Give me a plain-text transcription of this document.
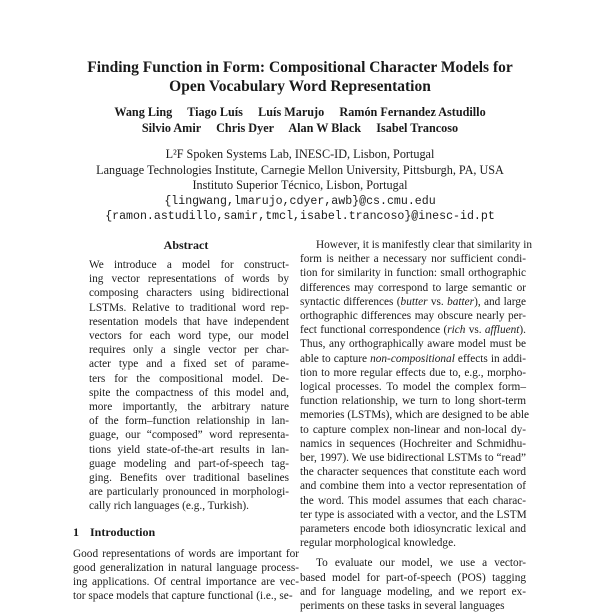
Finding Function in Form: Compositional Character Models for
Open Vocabulary Word Representation
Wang Ling     Tiago Luís     Luís Marujo     Ramón Fernandez Astudillo
Silvio Amir     Chris Dyer     Alan W Black     Isabel Trancoso
L²F Spoken Systems Lab, INESC-ID, Lisbon, Portugal
Language Technologies Institute, Carnegie Mellon University, Pittsburgh, PA, USA
Instituto Superior Técnico, Lisbon, Portugal
{lingwang,lmarujo,cdyer,awb}@cs.cmu.edu
{ramon.astudillo,samir,tmcl,isabel.trancoso}@inesc-id.pt
Abstract
We introduce a model for construct-
ing vector representations of words by
composing characters using bidirectional
LSTMs. Relative to traditional word rep-
resentation models that have independent
vectors for each word type, our model
requires only a single vector per char-
acter type and a fixed set of parame-
ters for the compositional model. De-
spite the compactness of this model and,
more importantly, the arbitrary nature
of the form–function relationship in lan-
guage, our “composed” word representa-
tions yield state-of-the-art results in lan-
guage modeling and part-of-speech tag-
ging. Benefits over traditional baselines
are particularly pronounced in morphologi-
cally rich languages (e.g., Turkish).
1 Introduction
Good representations of words are important for
good generalization in natural language process-
ing applications. Of central importance are vec-
tor space models that capture functional (i.e., se-
However, it is manifestly clear that similarity in
form is neither a necessary nor sufficient condi-
tion for similarity in function: small orthographic
differences may correspond to large semantic or
syntactic differences (butter vs. batter), and large
orthographic differences may obscure nearly per-
fect functional correspondence (rich vs. affluent).
Thus, any orthographically aware model must be
able to capture non-compositional effects in addi-
tion to more regular effects due to, e.g., morpho-
logical processes. To model the complex form–
function relationship, we turn to long short-term
memories (LSTMs), which are designed to be able
to capture complex non-linear and non-local dy-
namics in sequences (Hochreiter and Schmidhu-
ber, 1997). We use bidirectional LSTMs to “read”
the character sequences that constitute each word
and combine them into a vector representation of
the word. This model assumes that each charac-
ter type is associated with a vector, and the LSTM
parameters encode both idiosyncratic lexical and
regular morphological knowledge.
To evaluate our model, we use a vector-
based model for part-of-speech (POS) tagging
and for language modeling, and we report ex-
periments on these tasks in several languages
